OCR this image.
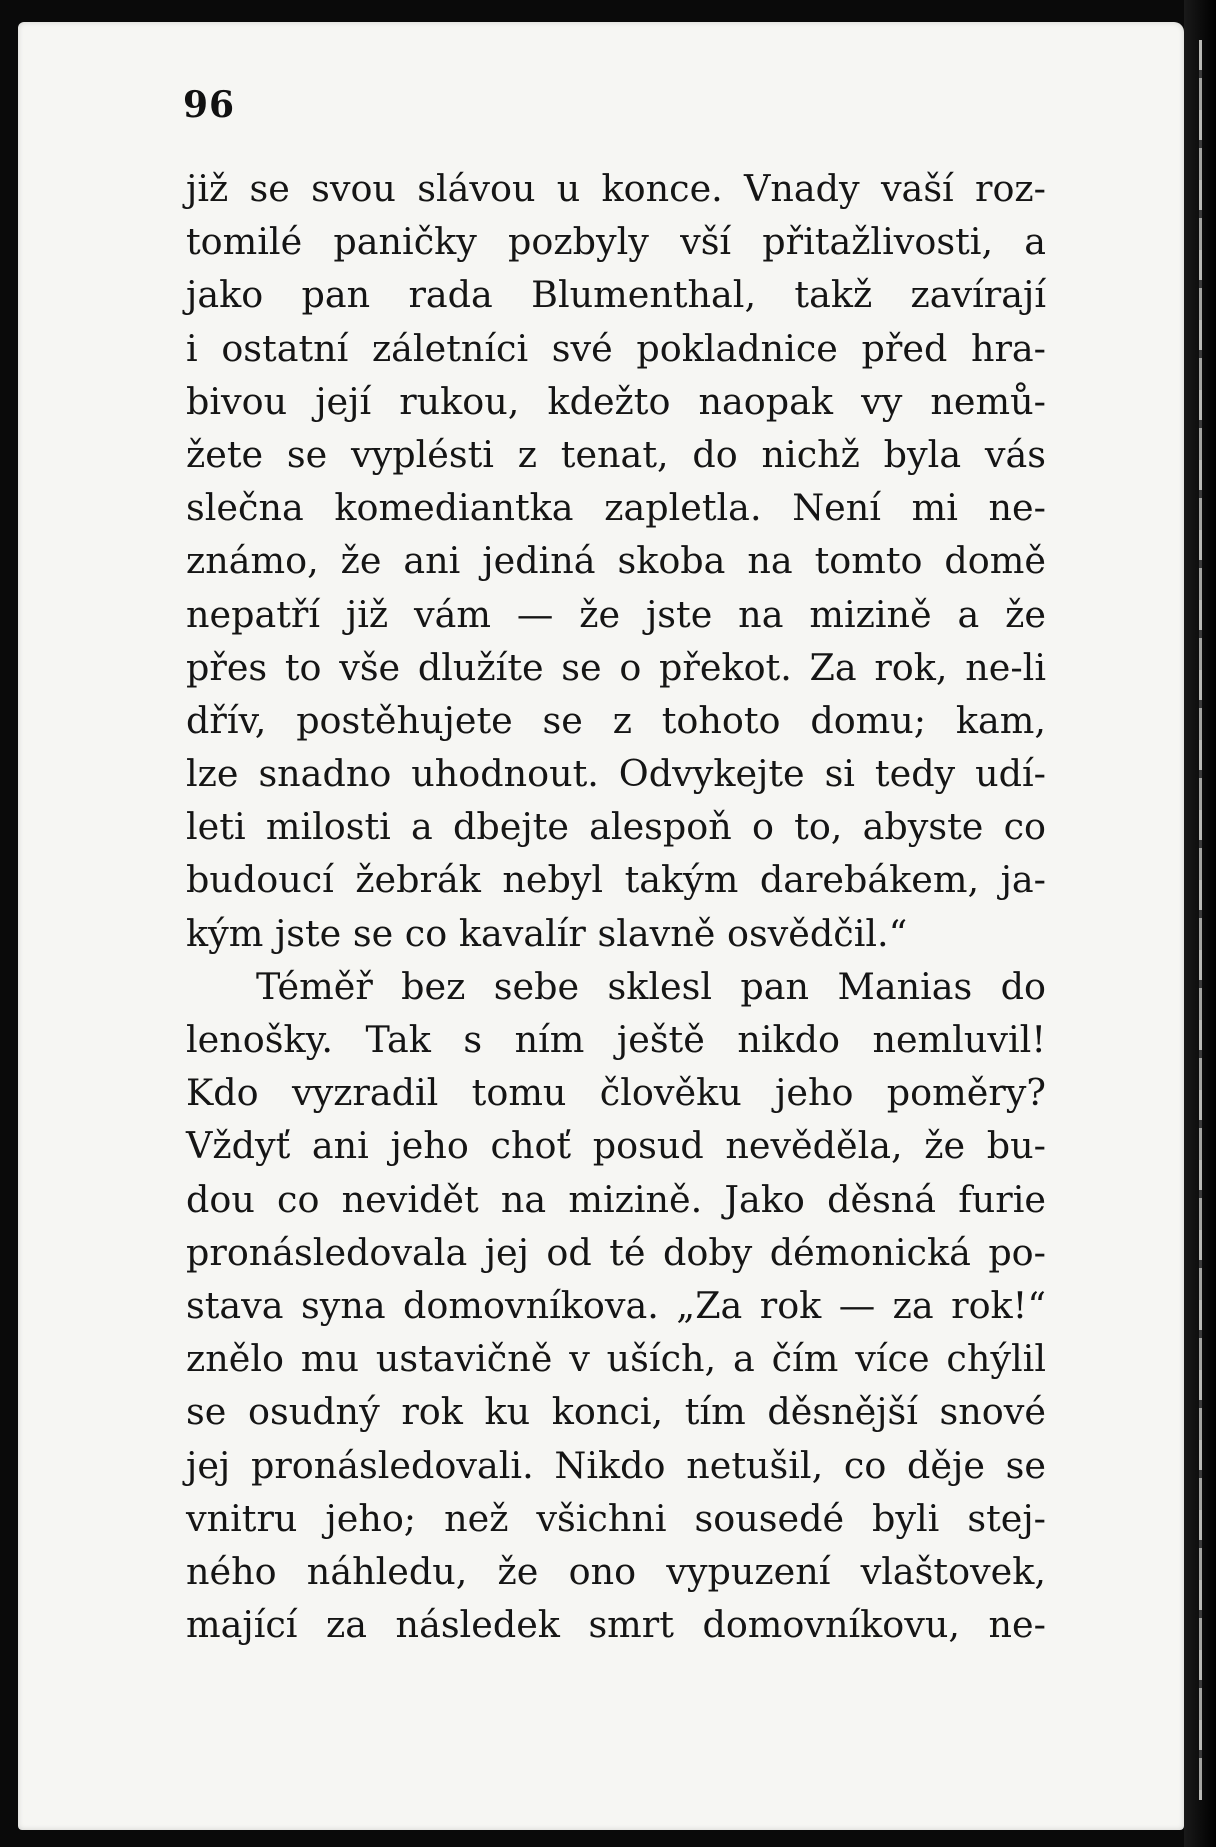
96
již se svou slávou u konce. Vnady vaší roz-
tomilé paničky pozbyly vší přitažlivosti, a
jako pan rada Blumenthal, takž zavírají
i ostatní záletníci své pokladnice před hra-
bivou její rukou, kdežto naopak vy nemů-
žete se vyplésti z tenat, do nichž byla vás
slečna komediantka zapletla. Není mi ne-
známo, že ani jediná skoba na tomto domě
nepatří již vám — že jste na mizině a že
přes to vše dlužíte se o překot. Za rok, ne-li
dřív, postěhujete se z tohoto domu; kam,
lze snadno uhodnout. Odvykejte si tedy udí-
leti milosti a dbejte alespoň o to, abyste co
budoucí žebrák nebyl takým darebákem, ja-
kým jste se co kavalír slavně osvědčil.“
Téměř bez sebe sklesl pan Manias do
lenošky. Tak s ním ještě nikdo nemluvil!
Kdo vyzradil tomu člověku jeho poměry?
Vždyť ani jeho choť posud nevěděla, že bu-
dou co nevidět na mizině. Jako děsná furie
pronásledovala jej od té doby démonická po-
stava syna domovníkova. „Za rok — za rok!“
znělo mu ustavičně v uších, a čím více chýlil
se osudný rok ku konci, tím děsnější snové
jej pronásledovali. Nikdo netušil, co děje se
vnitru jeho; než všichni sousedé byli stej-
ného náhledu, že ono vypuzení vlaštovek,
mající za následek smrt domovníkovu, ne-
